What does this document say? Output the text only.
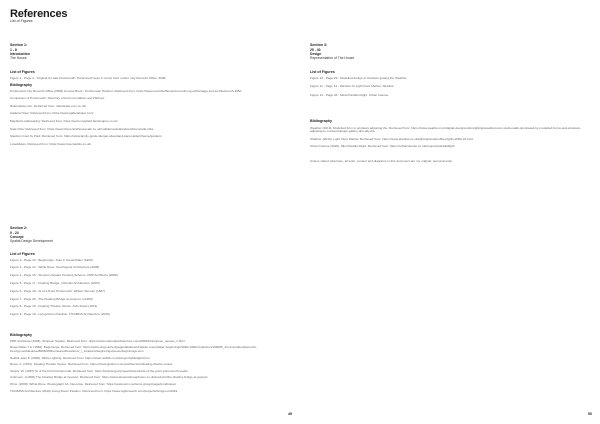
References
List of Figures
Section 1:
1 - 8
Introduction
The House
List of Figures
Figure 1 - Page 4 - Original for-sale Portsmouth. Portsmouth town in iconic form model. City Records Office. 2008
Bibliography
Portsmouth City Records Office (2008) Census Book - Portsmouth Harbour. Retrieved from: https://www.recordsofficeportsmouth.org.uk/heritage and architecture/h-1950
Companion of Portsmouth: Directory of Accommodation and Harbour.
Rollerskate.com. Retrieved from: rollerskate.com.co.uk/
Galleria Hotel: Retrieved from: https://www.galleriahotel.com/
Mayfield Landscaping: Retrieved from: https://www.mayfield-landscapes.co.uk/
Cafe Citta: Retrieved from: https://www.thecentralhousecafe.co.uk/mobile/modular/about/forum/cafe-citta
Stardom Cool by Park: Retrieved from: https://www.family-guide.site/get-about/and-panel-alden/theme/gardens
Lovelidstan. Retrieved from: https://www.lovernarkits.co.uk/
Section 2:
9 - 24
Concept
Spatial Design Development
List of Figures
Figure 2 - Page 10 - Beginnings. Jean F. Rosenthaler (1960)
Figure 3 - Page 14 - White Rose. Neutrogena Architecture (2008)
Figure 4 - Page 15 - Simpson Square Housing Scheme. PRP Architects (2008)
Figure 5 - Page 17 - Floating Bridge. J Roclas Architecture (2023)
Figure 6 - Page 18 - St of a Point Portsmouth. William Stonum (1867)
Figure 7 - Page 20 - The Floating Bridge at Gosport. (c1900)
Figure 8 - Page 18 - Floating Theatre Venice. Aldo Rossi (1979)
Figure 9 - Page 19 - Living Room Pavilion. TOGBINS Architecture (2019)
Bibliography
PRP Architects (2008). Simpson Square. Retrieved from: https://www.nationalarchitecture.com/2008/11/simpson_square_1.html
Rosenthaler J.F. (1960). Beginnings. Retrieved from: https://www.ortgo.art/en/pages/ak/artworks/jean-rosenthaler-beginnings/1960-1960c/collection/1960/f5_2/composition/items/ck-8+ortgo.wolfdesk/ee/8006/26/the/neared/locations/_/_locations/beginnings/pouso/beginnings-com
Neilbik Jean P. (2008). White Lighting. Retrieved from: https://www.neilbik.co.uk/project/whitelight.html
Rossi, A. (1979). Floating Theatre Venice. Retrieved from: https://www.ignitium.com/architecture/floating-theatre-venice
Simply. W. (1867) St of the Point Portsmouth. Retrieved from: https://artsnal.gov/project/artworks/st-of-the-point-portsmouth-studio
Unknown. (c1900) The Floating Bridge at Gosport. Retrieved from: https://www.dreamstimeaphotos.co.uk/products/the-floating-bridge-at-gosport
Wms. (2008). White Rose. Wootograph 4A: Neurome. Retrieved from: https://www.wms.net/wms-groupimage/pondinspec
TOGBINS Architecture (2019) Living Room Pavilion. Retrieved from: https://www.togbinsarch.com/projects/livingroom2019
49
Section 3:
25 - 40
Design
Representation of The House
List of Figures
Figure 10 - Page 29 - Modelled design of windows getting the Weather
Figure 11 - Page 34 - Window To Light Floor Marbel, Shadow
Figure 12 - Page 36 - Minal Parallel Flight. Urban Intense.
Bibliography
Weather (2019). Modelled form to windows adjusting the. Retrieved from: https://www.weather.com/digital-design/enlist-lighting/weatherroom-studio-walk-dominated-by-modelled-forms-and-windows-adjusting-to-consent/design-gallery-tips-ally-the
Shadow. (2013). Light Floor Marbel. Retrieved from: https://www.shadow.co.uk/lighting/studio/offset-lights-2006-16.html
Urban Intense (2020). Mini Parallel Flight. Retrieved from: https://urbanintense.co.uk/projects/parallelflight
Unless stated otherwise, all work, content and diagrams in this document are my original, personal work.
50
